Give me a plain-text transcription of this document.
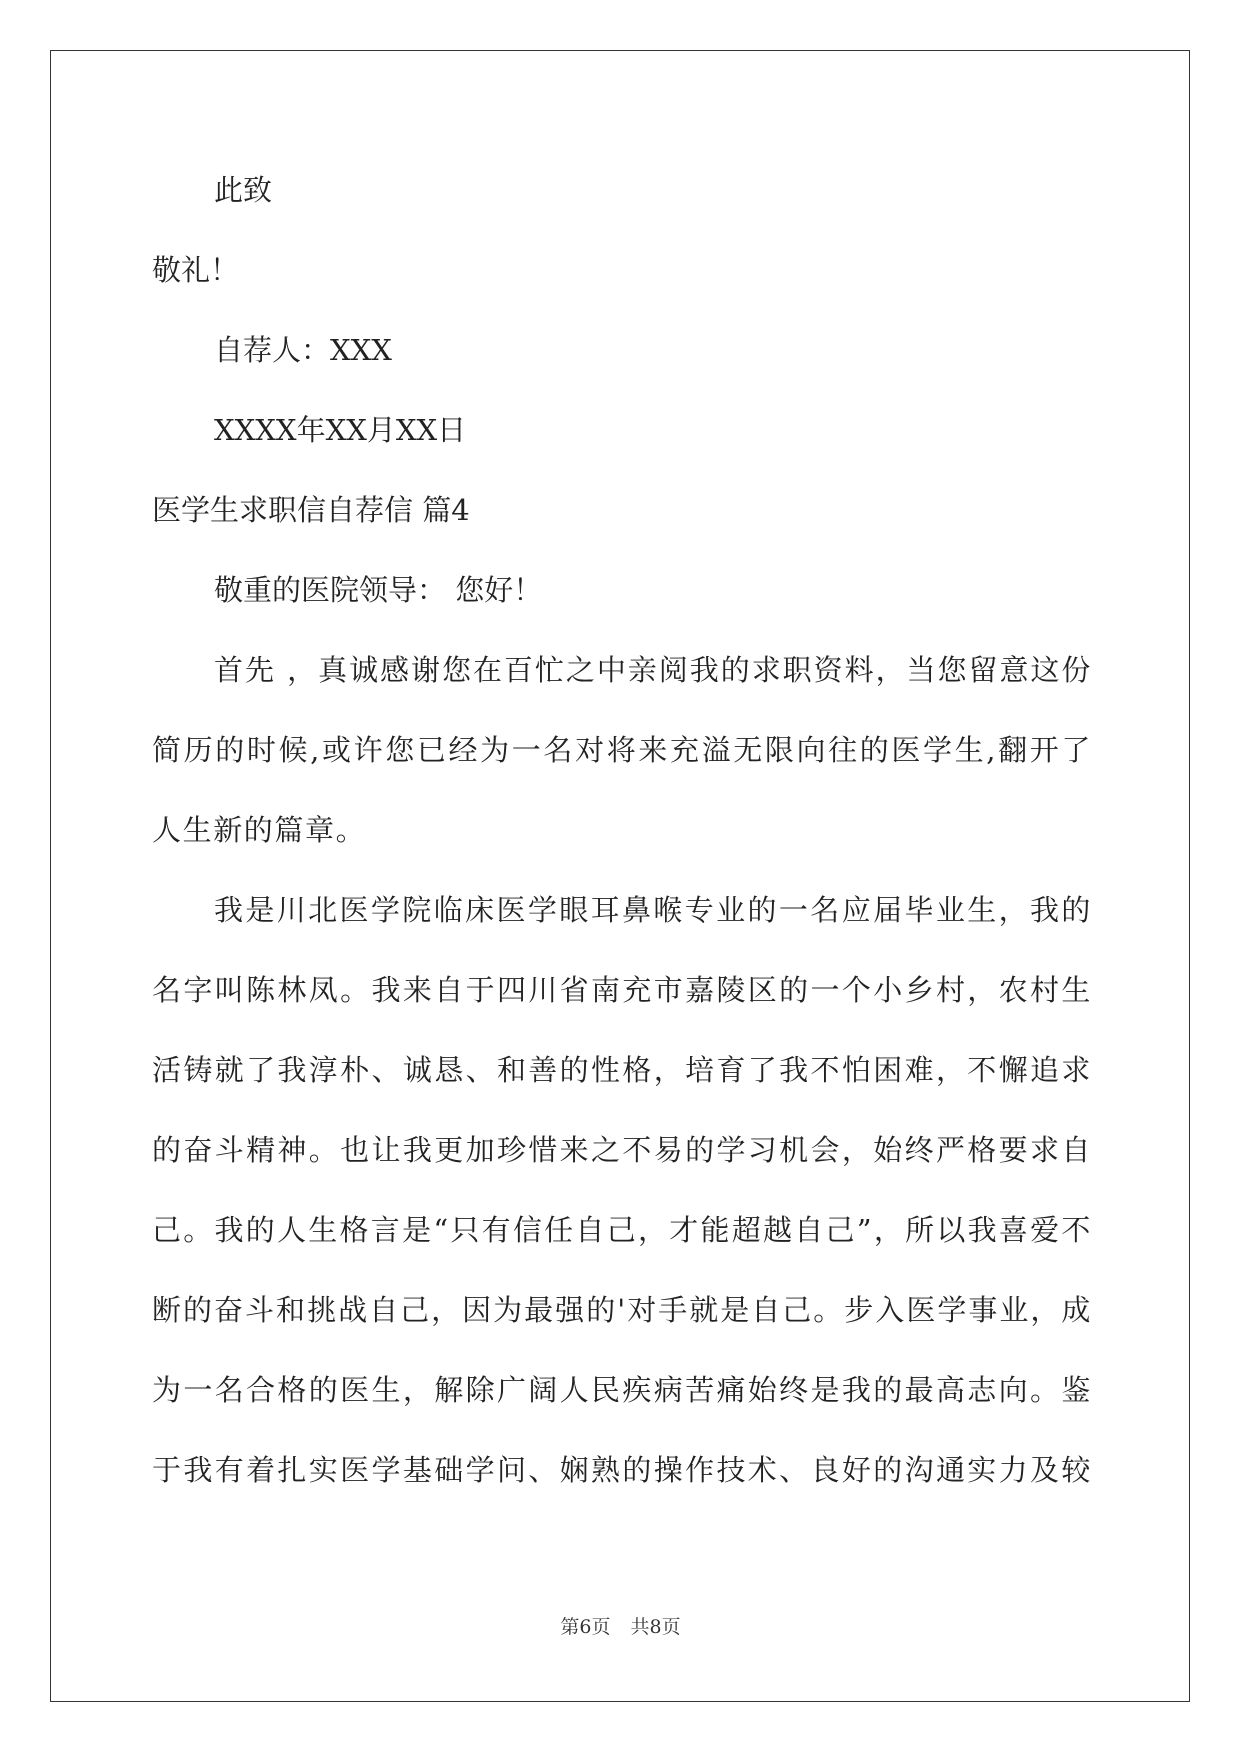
此致
敬礼！
自荐人：XXX
XXXX年XX月XX日
医学生求职信自荐信 篇4
敬重的医院领导： 您好！
首先 ，真诚感谢您在百忙之中亲阅我的求职资料，当您留意这份
简历的时候,或许您已经为一名对将来充溢无限向往的医学生,翻开了
人生新的篇章。
我是川北医学院临床医学眼耳鼻喉专业的一名应届毕业生，我的
名字叫陈林凤。我来自于四川省南充市嘉陵区的一个小乡村，农村生
活铸就了我淳朴、诚恳、和善的性格，培育了我不怕困难，不懈追求
的奋斗精神。也让我更加珍惜来之不易的学习机会，始终严格要求自
己。我的人生格言是“只有信任自己，才能超越自己”，所以我喜爱不
断的奋斗和挑战自己，因为最强的'对手就是自己。步入医学事业，成
为一名合格的医生，解除广阔人民疾病苦痛始终是我的最高志向。鉴
于我有着扎实医学基础学问、娴熟的操作技术、良好的沟通实力及较
第6页 共8页
